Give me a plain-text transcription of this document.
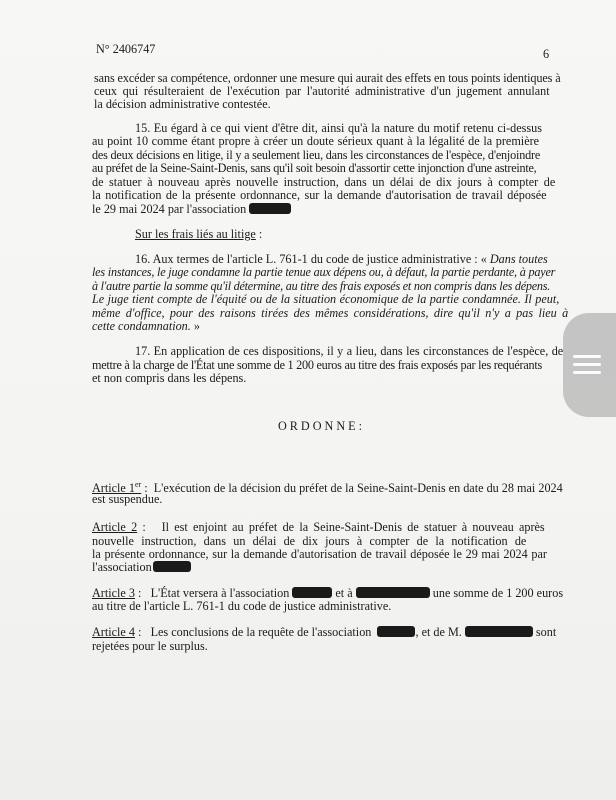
N° 2406747	6
sans excéder sa compétence, ordonner une mesure qui aurait des effets en tous points identiques à
ceux qui résulteraient de l'exécution par l'autorité administrative d'un jugement annulant
la décision administrative contestée.
15. Eu égard à ce qui vient d'être dit, ainsi qu'à la nature du motif retenu ci-dessus
au point 10 comme étant propre à créer un doute sérieux quant à la légalité de la première
des deux décisions en litige, il y a seulement lieu, dans les circonstances de l'espèce, d'enjoindre
au préfet de la Seine-Saint-Denis, sans qu'il soit besoin d'assortir cette injonction d'une astreinte,
de statuer à nouveau après nouvelle instruction, dans un délai de dix jours à compter de
la notification de la présente ordonnance, sur la demande d'autorisation de travail déposée
le 29 mai 2024 par l'association
Sur les frais liés au litige :
16. Aux termes de l'article L. 761-1 du code de justice administrative : « Dans toutes
les instances, le juge condamne la partie tenue aux dépens ou, à défaut, la partie perdante, à payer
à l'autre partie la somme qu'il détermine, au titre des frais exposés et non compris dans les dépens.
Le juge tient compte de l'équité ou de la situation économique de la partie condamnée. Il peut,
même d'office, pour des raisons tirées des mêmes considérations, dire qu'il n'y a pas lieu à
cette condamnation. »
17. En application de ces dispositions, il y a lieu, dans les circonstances de l'espèce, de
mettre à la charge de l'État une somme de 1 200 euros au titre des frais exposés par les requérants
et non compris dans les dépens.
ORDONNE:
Article 1er : L'exécution de la décision du préfet de la Seine-Saint-Denis en date du 28 mai 2024
est suspendue.
Article 2 : Il est enjoint au préfet de la Seine-Saint-Denis de statuer à nouveau après
nouvelle instruction, dans un délai de dix jours à compter de la notification de
la présente ordonnance, sur la demande d'autorisation de travail déposée le 29 mai 2024 par
l'association
Article 3 : L'État versera à l'association	et à	une somme de 1 200 euros
au titre de l'article L. 761-1 du code de justice administrative.
Article 4 : Les conclusions de la requête de l'association	, et de M.	sont
rejetées pour le surplus.
